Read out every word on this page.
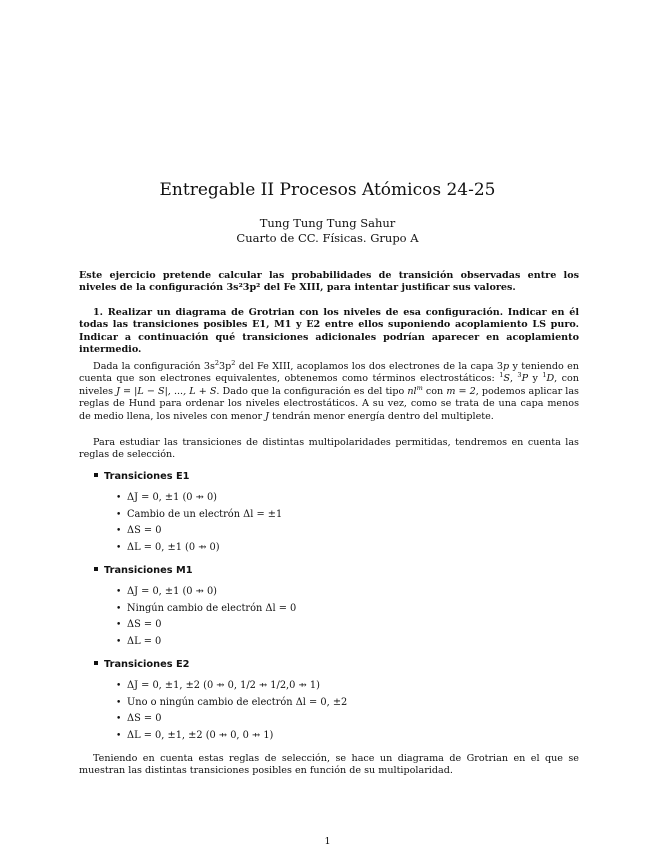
Entregable II Procesos Atómicos 24-25
Tung Tung Tung Sahur
Cuarto de CC. Físicas. Grupo A
Este ejercicio pretende calcular las probabilidades de transición observadas entre los niveles de la configuración 3s²3p² del Fe XIII, para intentar justificar sus valores.
1. Realizar un diagrama de Grotrian con los niveles de esa configuración. Indicar en él todas las transiciones posibles E1, M1 y E2 entre ellos suponiendo acoplamiento LS puro. Indicar a continuación qué transiciones adicionales podrían aparecer en acoplamiento intermedio.
Dada la configuración $3s^23p^2$ del Fe XIII, acoplamos los dos electrones de la capa 3p y teniendo en cuenta que son electrones equivalentes, obtenemos como términos electrostáticos: $^1$S, $^3$P y $^1$D, con niveles J = |L − S|, ..., L + S. Dado que la configuración es del tipo $nl^m$ con m = 2, podemos aplicar las reglas de Hund para ordenar los niveles electrostáticos. A su vez, como se trata de una capa menos de medio llena, los niveles con menor J tendrán menor energía dentro del multiplete.
Para estudiar las transiciones de distintas multipolaridades permitidas, tendremos en cuenta las reglas de selección.
Transiciones E1
• ΔJ = 0, ±1 (0 ⇸ 0)
• Cambio de un electrón Δl = ±1
• ΔS = 0
• ΔL = 0, ±1 (0 ⇸ 0)
Transiciones M1
• ΔJ = 0, ±1 (0 ⇸ 0)
• Ningún cambio de electrón Δl = 0
• ΔS = 0
• ΔL = 0
Transiciones E2
• ΔJ = 0, ±1, ±2 (0 ⇸ 0, 1/2 ⇸ 1/2,0 ⇸ 1)
• Uno o ningún cambio de electrón Δl = 0, ±2
• ΔS = 0
• ΔL = 0, ±1, ±2 (0 ⇸ 0, 0 ⇸ 1)
Teniendo en cuenta estas reglas de selección, se hace un diagrama de Grotrian en el que se muestran las distintas transiciones posibles en función de su multipolaridad.
1
